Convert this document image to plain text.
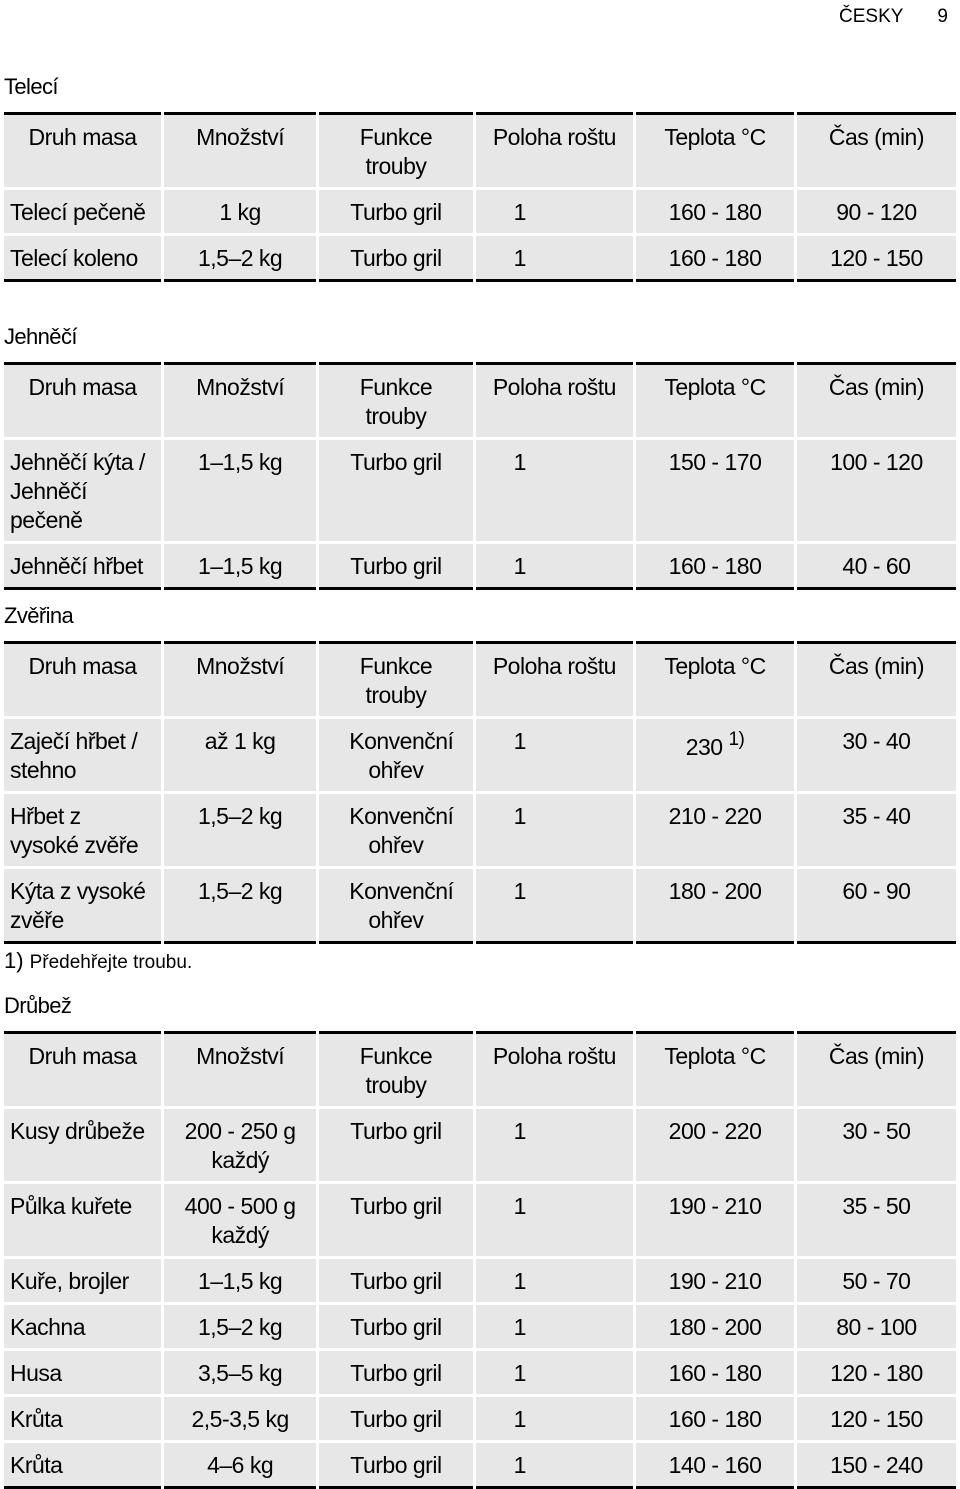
ČESKY 9
Telecí
Druh masa	Množství	Funkce trouby	Poloha roštu	Teplota °C	Čas (min)
Telecí pečeně	1 kg	Turbo gril	1	160 - 180	90 - 120
Telecí koleno	1,5–2 kg	Turbo gril	1	160 - 180	120 - 150
Jehněčí
Druh masa	Množství	Funkce trouby	Poloha roštu	Teplota °C	Čas (min)
Jehněčí kýta / Jehněčí pečeně	1–1,5 kg	Turbo gril	1	150 - 170	100 - 120
Jehněčí hřbet	1–1,5 kg	Turbo gril	1	160 - 180	40 - 60
Zvěřina
Druh masa	Množství	Funkce trouby	Poloha roštu	Teplota °C	Čas (min)
Zaječí hřbet / stehno	až 1 kg	Konvenční ohřev	1	230 $^{1)}$	30 - 40
Hřbet z vysoké zvěře	1,5–2 kg	Konvenční ohřev	1	210 - 220	35 - 40
Kýta z vysoké zvěře	1,5–2 kg	Konvenční ohřev	1	180 - 200	60 - 90
1) Předehřejte troubu.
Drůbež
Druh masa	Množství	Funkce trouby	Poloha roštu	Teplota °C	Čas (min)
Kusy drůbeže	200 - 250 g každý	Turbo gril	1	200 - 220	30 - 50
Půlka kuřete	400 - 500 g každý	Turbo gril	1	190 - 210	35 - 50
Kuře, brojler	1–1,5 kg	Turbo gril	1	190 - 210	50 - 70
Kachna	1,5–2 kg	Turbo gril	1	180 - 200	80 - 100
Husa	3,5–5 kg	Turbo gril	1	160 - 180	120 - 180
Krůta	2,5-3,5 kg	Turbo gril	1	160 - 180	120 - 150
Krůta	4–6 kg	Turbo gril	1	140 - 160	150 - 240
